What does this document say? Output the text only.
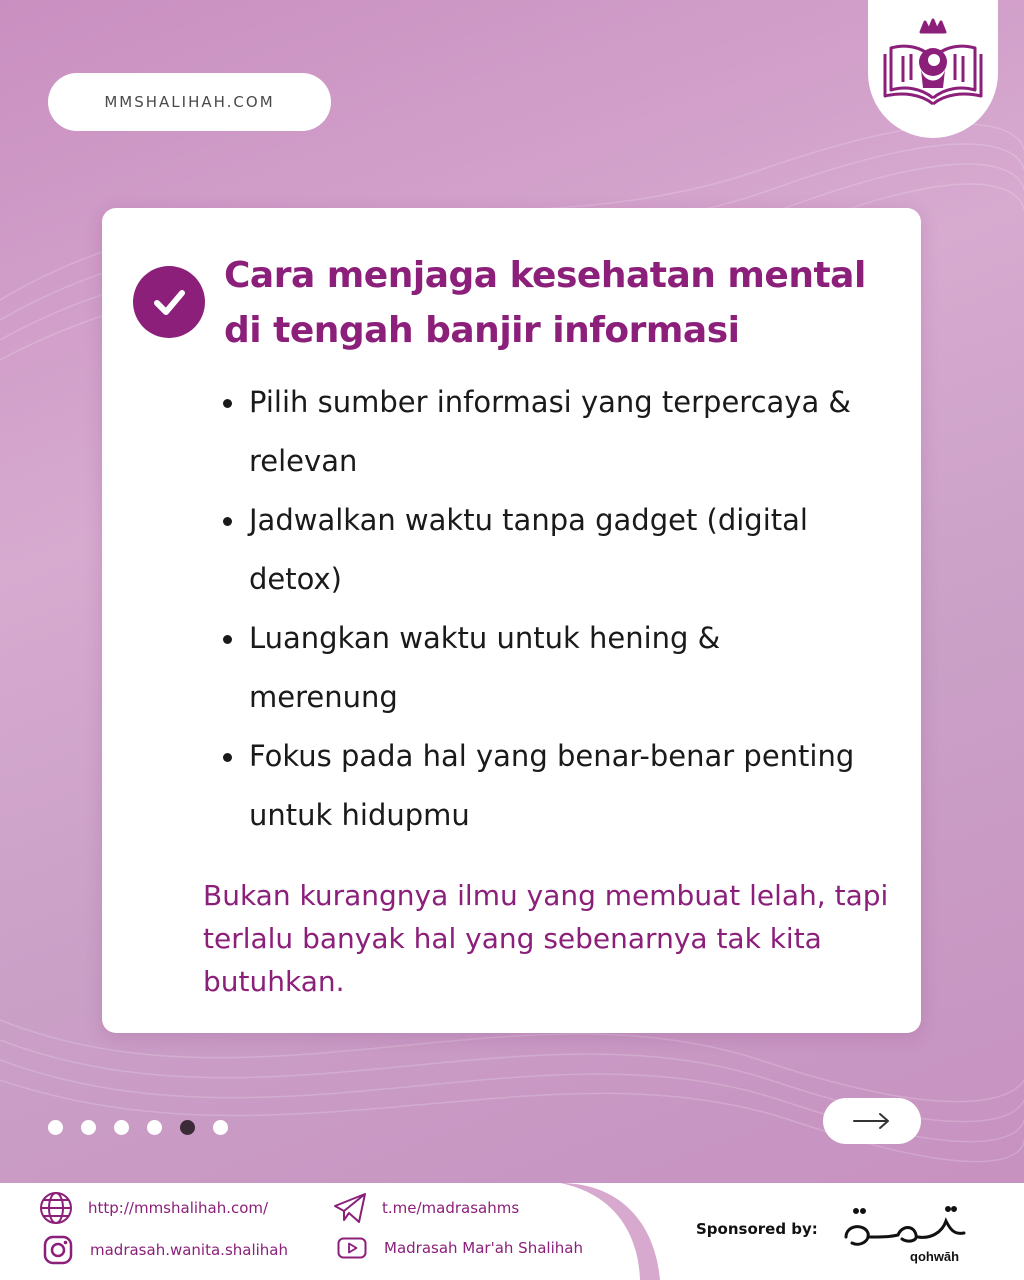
MMSHALIHAH.COM
Cara menjaga kesehatan mental
di tengah banjir informasi
Pilih sumber informasi yang terpercaya & relevan
Jadwalkan waktu tanpa gadget (digital detox)
Luangkan waktu untuk hening & merenung
Fokus pada hal yang benar-benar penting untuk hidupmu

Bukan kurangnya ilmu yang membuat lelah, tapi terlalu banyak hal yang sebenarnya tak kita butuhkan.

http://mmshalihah.com/
madrasah.wanita.shalihah
t.me/madrasahms
Madrasah Mar'ah Shalihah
Sponsored by:
qohwāh
